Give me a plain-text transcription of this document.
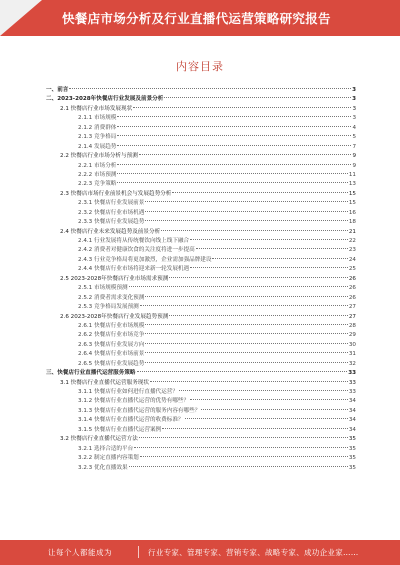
快餐店市场分析及行业直播代运营策略研究报告
内容目录
一、前言	3
二、2023-2028年快餐店行业发展及前景分析	3
2.1 快餐店行业市场发展现状	3
2.1.1 市场规模	3
2.1.2 消费群体	4
2.1.3 竞争格局	5
2.1.4 发展趋势	7
2.2 快餐店行业市场分析与预测	9
2.2.1 市场分析	9
2.2.2 市场预测	11
2.2.3 竞争策略	13
2.3 快餐店市场行业前景机会与发展趋势分析	15
2.3.1 快餐店行业发展前景	15
2.3.2 快餐店行业市场机遇	16
2.3.3 快餐店行业发展趋势	18
2.4 快餐店行业未来发展趋势及前景分析	21
2.4.1 行业发展将从传统餐饮向线上线下融合	22
2.4.2 消费者对健康饮食的关注度将进一步提高	23
2.4.3 行业竞争格局将更加激烈，企业需加强品牌建设	24
2.4.4 快餐店行业市场将迎来新一轮发展机遇	25
2.5 2023-2028年快餐店行业市场需求预测	26
2.5.1 市场规模预测	26
2.5.2 消费者需求变化预测	26
2.5.3 竞争格局发展预测	27
2.6 2023-2028年快餐店行业发展趋势预测	27
2.6.1 快餐店行业市场规模	28
2.6.2 快餐店行业市场竞争	29
2.6.3 快餐店行业发展方向	30
2.6.4 快餐店行业市场前景	31
2.6.5 快餐店行业发展趋势	32
三、快餐店行业直播代运营服务策略	33
3.1 快餐店行业直播代运营服务现状	33
3.1.1 快餐店行业如何进行直播代运营？	33
3.1.2 快餐店行业直播代运营的优势有哪些？	34
3.1.3 快餐店行业直播代运营的服务内容有哪些？	34
3.1.4 快餐店行业直播代运营的收费标准？	34
3.1.5 快餐店行业直播代运营案例	34
3.2 快餐店行业直播代运营方法	35
3.2.1 选择合适的平台	35
3.2.2 制定直播内容策划	35
3.2.3 优化直播效果	35
让每个人都能成为	行业专家、管理专家、营销专家、战略专家、成功企业家……
